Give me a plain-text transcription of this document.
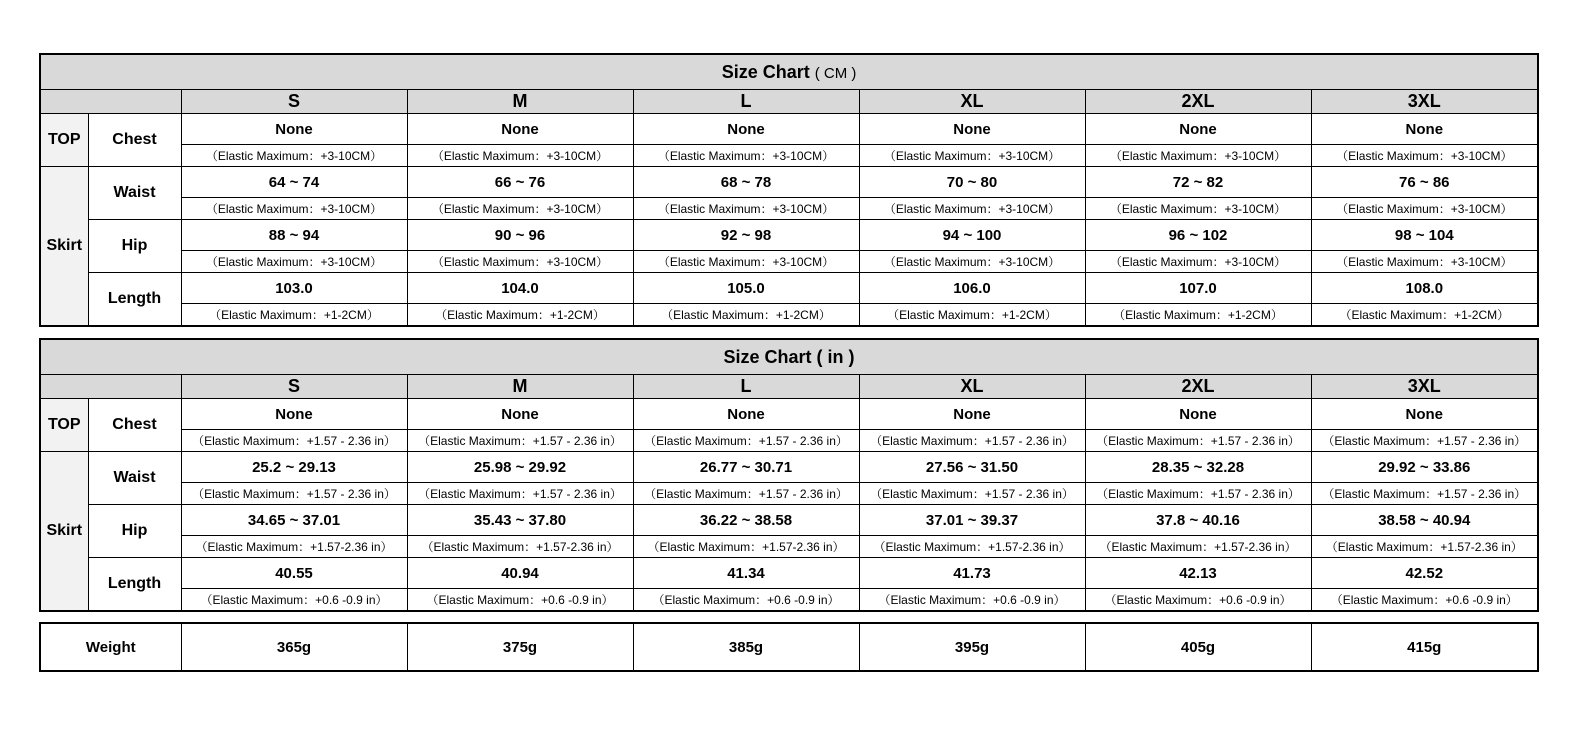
Size Chart ( CM )							
		S	M	L	XL	2XL	3XL
TOP	Chest	None	None	None	None	None	None
		（Elastic Maximum：+3-10CM）	（Elastic Maximum：+3-10CM）	（Elastic Maximum：+3-10CM）	（Elastic Maximum：+3-10CM）	（Elastic Maximum：+3-10CM）	（Elastic Maximum：+3-10CM）
Skirt	Waist	64 ~ 74	66 ~ 76	68 ~ 78	70 ~ 80	72 ~ 82	76 ~ 86
		（Elastic Maximum：+3-10CM）	（Elastic Maximum：+3-10CM）	（Elastic Maximum：+3-10CM）	（Elastic Maximum：+3-10CM）	（Elastic Maximum：+3-10CM）	（Elastic Maximum：+3-10CM）
	Hip	88 ~ 94	90 ~ 96	92 ~ 98	94 ~ 100	96 ~ 102	98 ~ 104
		（Elastic Maximum：+3-10CM）	（Elastic Maximum：+3-10CM）	（Elastic Maximum：+3-10CM）	（Elastic Maximum：+3-10CM）	（Elastic Maximum：+3-10CM）	（Elastic Maximum：+3-10CM）
	Length	103.0	104.0	105.0	106.0	107.0	108.0
		（Elastic Maximum：+1-2CM）	（Elastic Maximum：+1-2CM）	（Elastic Maximum：+1-2CM）	（Elastic Maximum：+1-2CM）	（Elastic Maximum：+1-2CM）	（Elastic Maximum：+1-2CM）
Size Chart ( in )							
		S	M	L	XL	2XL	3XL
TOP	Chest	None	None	None	None	None	None
		（Elastic Maximum：+1.57 - 2.36 in）	（Elastic Maximum：+1.57 - 2.36 in）	（Elastic Maximum：+1.57 - 2.36 in）	（Elastic Maximum：+1.57 - 2.36 in）	（Elastic Maximum：+1.57 - 2.36 in）	（Elastic Maximum：+1.57 - 2.36 in）
Skirt	Waist	25.2 ~ 29.13	25.98 ~ 29.92	26.77 ~ 30.71	27.56 ~ 31.50	28.35 ~ 32.28	29.92 ~ 33.86
		（Elastic Maximum：+1.57 - 2.36 in）	（Elastic Maximum：+1.57 - 2.36 in）	（Elastic Maximum：+1.57 - 2.36 in）	（Elastic Maximum：+1.57 - 2.36 in）	（Elastic Maximum：+1.57 - 2.36 in）	（Elastic Maximum：+1.57 - 2.36 in）
	Hip	34.65 ~ 37.01	35.43 ~ 37.80	36.22 ~ 38.58	37.01 ~ 39.37	37.8 ~ 40.16	38.58 ~ 40.94
		（Elastic Maximum：+1.57-2.36 in）	（Elastic Maximum：+1.57-2.36 in）	（Elastic Maximum：+1.57-2.36 in）	（Elastic Maximum：+1.57-2.36 in）	（Elastic Maximum：+1.57-2.36 in）	（Elastic Maximum：+1.57-2.36 in）
	Length	40.55	40.94	41.34	41.73	42.13	42.52
		（Elastic Maximum：+0.6 -0.9 in）	（Elastic Maximum：+0.6 -0.9 in）	（Elastic Maximum：+0.6 -0.9 in）	（Elastic Maximum：+0.6 -0.9 in）	（Elastic Maximum：+0.6 -0.9 in）	（Elastic Maximum：+0.6 -0.9 in）
Weight	365g	375g	385g	395g	405g	415g
